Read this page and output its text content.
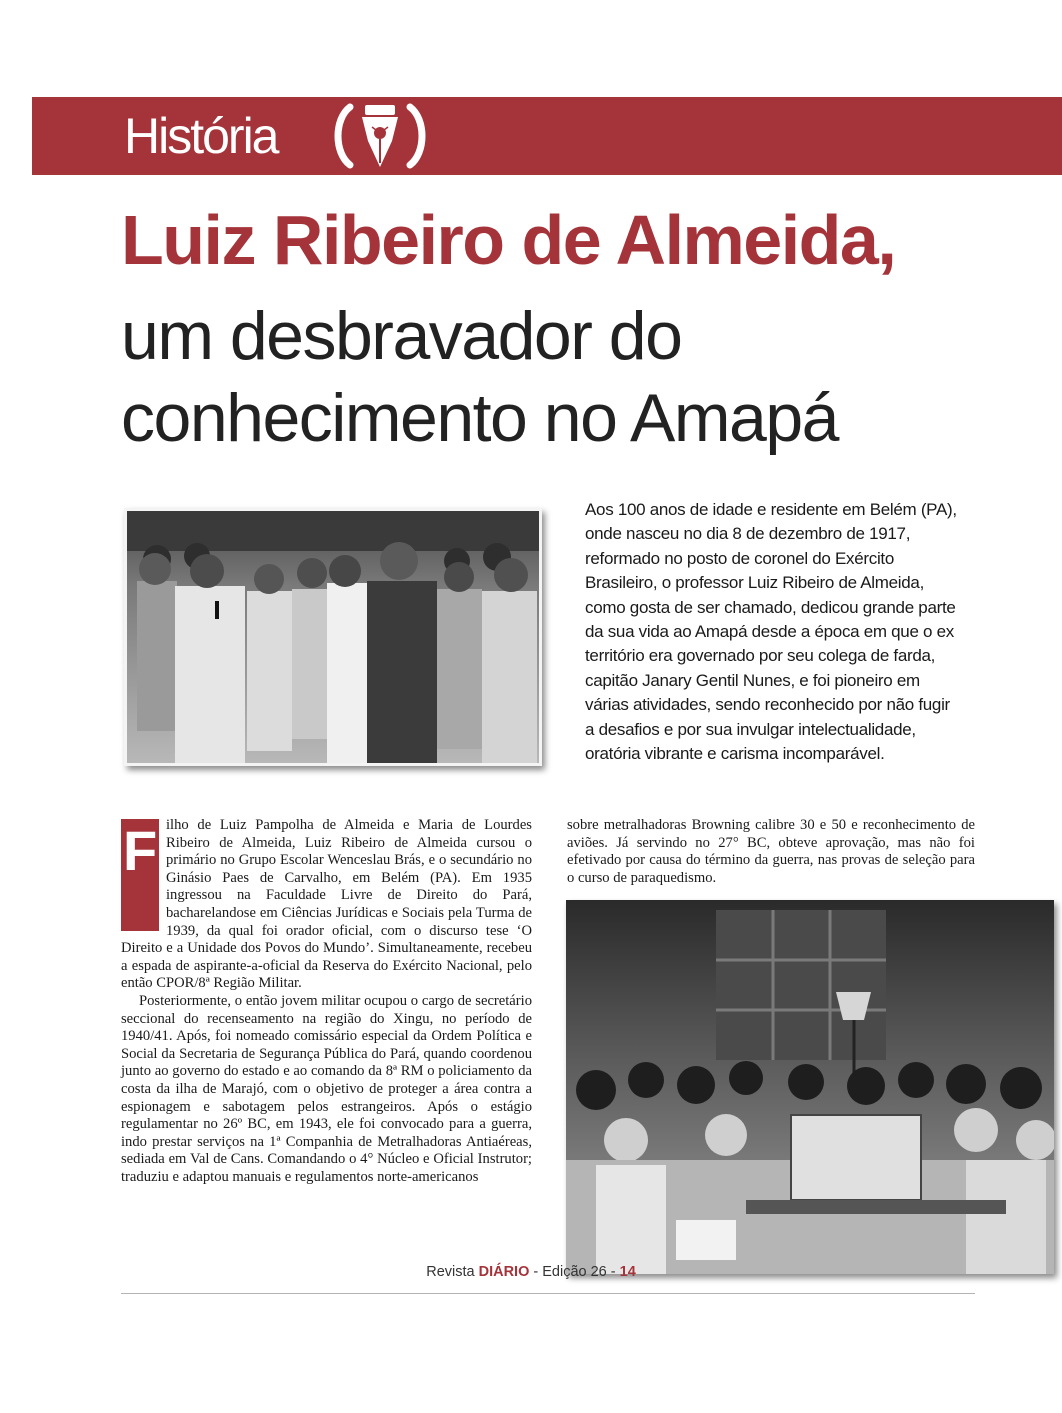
História
Luiz Ribeiro de Almeida,
um desbravador do
conhecimento no Amapá
Aos 100 anos de idade e residente em Belém (PA),
onde nasceu no dia 8 de dezembro de 1917,
reformado no posto de coronel do Exército
Brasileiro, o professor Luiz Ribeiro de Almeida,
como gosta de ser chamado, dedicou grande parte
da sua vida ao Amapá desde a época em que o ex
território era governado por seu colega de farda,
capitão Janary Gentil Nunes, e foi pioneiro em
várias atividades, sendo reconhecido por não fugir
a desafios e por sua invulgar intelectualidade,
oratória vibrante e carisma incomparável.
F ilho de Luiz Pampolha de Almeida e Maria de Lourdes Ribeiro de Almeida, Luiz Ribeiro de Almeida cursou o primário no Grupo Escolar Wenceslau Brás, e o secundário no Ginásio Paes de Carvalho, em Belém (PA). Em 1935 ingressou na Faculdade Livre de Direito do Pará, bacharelandose em Ciências Jurídicas e Sociais pela Turma de 1939, da qual foi orador oficial, com o discurso tese ‘O Direito e a Unidade dos Povos do Mundo’. Simultaneamente, recebeu a espada de aspirante-a-oficial da Reserva do Exército Nacional, pelo então CPOR/8ª Região Militar.

Posteriormente, o então jovem militar ocupou o cargo de secretário seccional do recenseamento na região do Xingu, no período de 1940/41. Após, foi nomeado comissário especial da Ordem Política e Social da Secretaria de Segurança Pública do Pará, quando coordenou junto ao governo do estado e ao comando da 8ª RM o policiamento da costa da ilha de Marajó, com o objetivo de proteger a área contra a espionagem e sabotagem pelos estrangeiros. Após o estágio regulamentar no 26º BC, em 1943, ele foi convocado para a guerra, indo prestar serviços na 1ª Companhia de Metralhadoras Antiaéreas, sediada em Val de Cans. Comandando o 4° Núcleo e Oficial Instrutor; traduziu e adaptou manuais e regulamentos norte-americanos

sobre metralhadoras Browning calibre 30 e 50 e reconhecimento de aviões. Já servindo no 27° BC, obteve aprovação, mas não foi efetivado por causa do término da guerra, nas provas de seleção para o curso de paraquedismo.

Revista DIÁRIO - Edição 26 - 14
